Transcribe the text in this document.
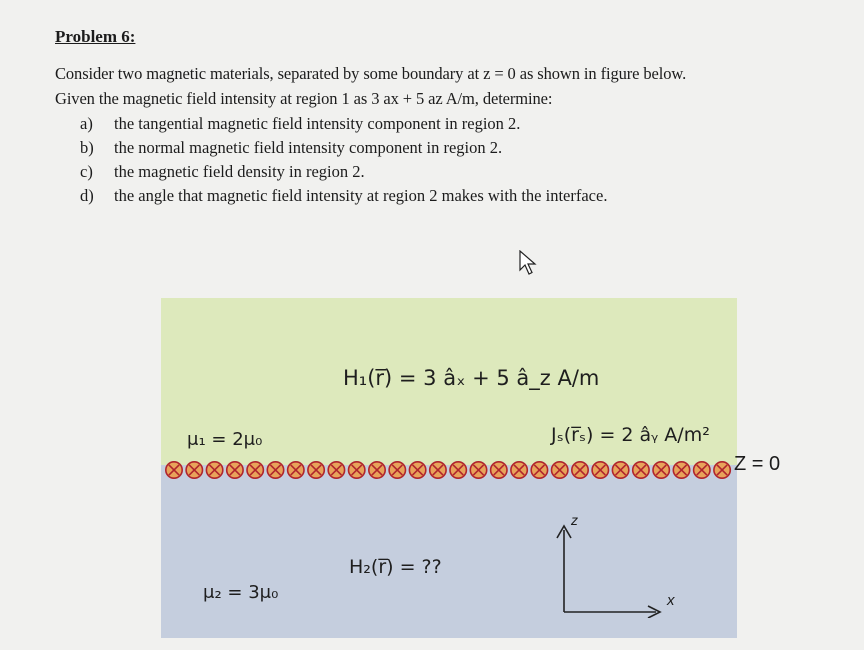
Problem 6:
Consider two magnetic materials, separated by some boundary at z = 0 as shown in figure below.
Given the magnetic field intensity at region 1 as 3 ax + 5 az A/m, determine:
a) the tangential magnetic field intensity component in region 2.
b) the normal magnetic field intensity component in region 2.
c) the magnetic field density in region 2.
d) the angle that magnetic field intensity at region 2 makes with the interface.
H₁(r̅) = 3 âₓ + 5 â_z A/m
μ₁ = 2μ₀	Jₛ(r̅ₛ) = 2 âᵧ A/m²
H₂(r̅) = ??
μ₂ = 3μ₀
Z = 0
z
x
